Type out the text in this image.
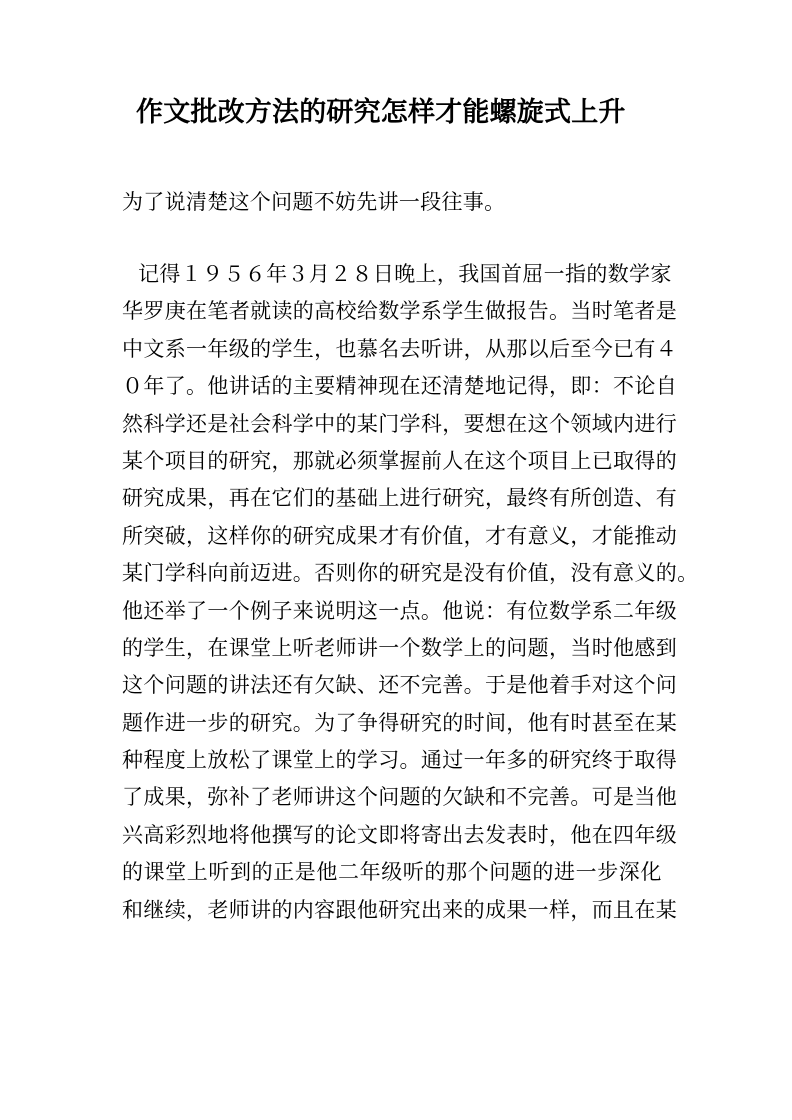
作文批改方法的研究怎样才能螺旋式上升

为了说清楚这个问题不妨先讲一段往事。

记得１９５６年３月２８日晚上，我国首屈一指的数学家
华罗庚在笔者就读的高校给数学系学生做报告。当时笔者是
中文系一年级的学生，也慕名去听讲，从那以后至今已有４
０年了。他讲话的主要精神现在还清楚地记得，即：不论自
然科学还是社会科学中的某门学科，要想在这个领域内进行
某个项目的研究，那就必须掌握前人在这个项目上已取得的
研究成果，再在它们的基础上进行研究，最终有所创造、有
所突破，这样你的研究成果才有价值，才有意义，才能推动
某门学科向前迈进。否则你的研究是没有价值，没有意义的。
他还举了一个例子来说明这一点。他说：有位数学系二年级
的学生，在课堂上听老师讲一个数学上的问题，当时他感到
这个问题的讲法还有欠缺、还不完善。于是他着手对这个问
题作进一步的研究。为了争得研究的时间，他有时甚至在某
种程度上放松了课堂上的学习。通过一年多的研究终于取得
了成果，弥补了老师讲这个问题的欠缺和不完善。可是当他
兴高彩烈地将他撰写的论文即将寄出去发表时，他在四年级
的课堂上听到的正是他二年级听的那个问题的进一步深化
和继续，老师讲的内容跟他研究出来的成果一样，而且在某
